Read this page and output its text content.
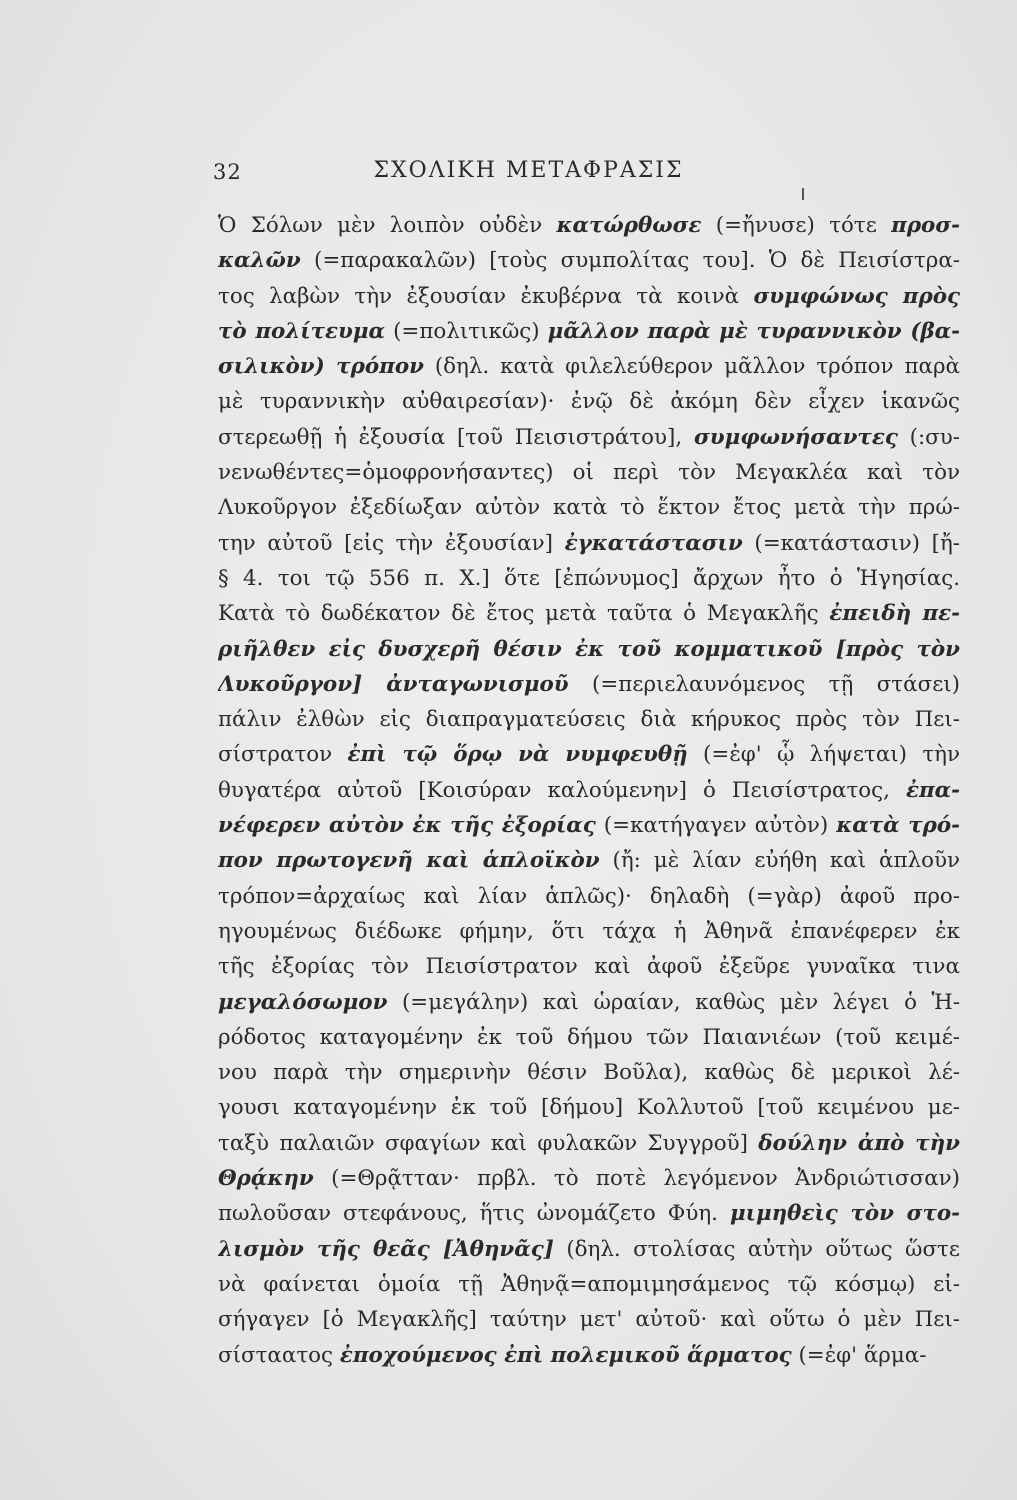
32	ΣΧΟΛΙΚΗ ΜΕΤΑΦΡΑΣΙΣ
Ὁ Σόλων μὲν λοιπὸν οὐδὲν κατώρθωσε (=ἤνυσε) τότε προσ-
καλῶν (=παρακαλῶν) [τοὺς συμπολίτας του]. Ὁ δὲ Πεισίστρα-
τος λαβὼν τὴν ἐξουσίαν ἐκυβέρνα τὰ κοινὰ συμφώνως πρὸς
τὸ πολίτευμα (=πολιτικῶς) μᾶλλον παρὰ μὲ τυραννικὸν (βα-
σιλικὸν) τρόπον (δηλ. κατὰ φιλελεύθερον μᾶλλον τρόπον παρὰ
μὲ τυραννικὴν αὐθαιρεσίαν)· ἐνῷ δὲ ἀκόμη δὲν εἶχεν ἱκανῶς
στερεωθῇ ἡ ἐξουσία [τοῦ Πεισιστράτου], συμφωνήσαντες (:συ-
νενωθέντες=ὁμοφρονήσαντες) οἱ περὶ τὸν Μεγακλέα καὶ τὸν
Λυκοῦργον ἐξεδίωξαν αὐτὸν κατὰ τὸ ἕκτον ἔτος μετὰ τὴν πρώ-
την αὐτοῦ [εἰς τὴν ἐξουσίαν] ἐγκατάστασιν (=κατάστασιν) [ἤ-
§ 4. τοι τῷ 556 π. Χ.] ὅτε [ἐπώνυμος] ἄρχων ἦτο ὁ Ἡγησίας.
Κατὰ τὸ δωδέκατον δὲ ἔτος μετὰ ταῦτα ὁ Μεγακλῆς ἐπειδὴ πε-
ριῆλθεν εἰς δυσχερῆ θέσιν ἐκ τοῦ κομματικοῦ [πρὸς τὸν
Λυκοῦργον] ἀνταγωνισμοῦ (=περιελαυνόμενος τῇ στάσει)
πάλιν ἐλθὼν εἰς διαπραγματεύσεις διὰ κήρυκος πρὸς τὸν Πει-
σίστρατον ἐπὶ τῷ ὅρῳ νὰ νυμφευθῇ (=ἐφ' ᾧ λήψεται) τὴν
θυγατέρα αὐτοῦ [Κοισύραν καλούμενην] ὁ Πεισίστρατος, ἐπα-
νέφερεν αὐτὸν ἐκ τῆς ἐξορίας (=κατήγαγεν αὐτὸν) κατὰ τρό-
πον πρωτογενῆ καὶ ἁπλοϊκὸν (ἤ: μὲ λίαν εὐήθη καὶ ἁπλοῦν
τρόπον=ἀρχαίως καὶ λίαν ἁπλῶς)· δηλαδὴ (=γὰρ) ἀφοῦ προ-
ηγουμένως διέδωκε φήμην, ὅτι τάχα ἡ Ἀθηνᾶ ἐπανέφερεν ἐκ
τῆς ἐξορίας τὸν Πεισίστρατον καὶ ἀφοῦ ἐξεῦρε γυναῖκα τινα
μεγαλόσωμον (=μεγάλην) καὶ ὡραίαν, καθὼς μὲν λέγει ὁ Ἡ-
ρόδοτος καταγομένην ἐκ τοῦ δήμου τῶν Παιανιέων (τοῦ κειμέ-
νου παρὰ τὴν σημερινὴν θέσιν Βοῦλα), καθὼς δὲ μερικοὶ λέ-
γουσι καταγομένην ἐκ τοῦ [δήμου] Κολλυτοῦ [τοῦ κειμένου με-
ταξὺ παλαιῶν σφαγίων καὶ φυλακῶν Συγγροῦ] δούλην ἀπὸ τὴν
Θρᾴκην (=Θρᾷτταν· πρβλ. τὸ ποτὲ λεγόμενον Ἀνδριώτισσαν)
πωλοῦσαν στεφάνους, ἥτις ὠνομάζετο Φύη. μιμηθεὶς τὸν στο-
λισμὸν τῆς θεᾶς [Ἀθηνᾶς] (δηλ. στολίσας αὐτὴν οὕτως ὥστε
νὰ φαίνεται ὁμοία τῇ Ἀθηνᾷ=απομιμησάμενος τῷ κόσμῳ) εἰ-
σήγαγεν [ὁ Μεγακλῆς] ταύτην μετ' αὐτοῦ· καὶ οὕτω ὁ μὲν Πει-
σίσταατος ἐποχούμενος ἐπὶ πολεμικοῦ ἅρματος (=ἐφ' ἅρμα-
